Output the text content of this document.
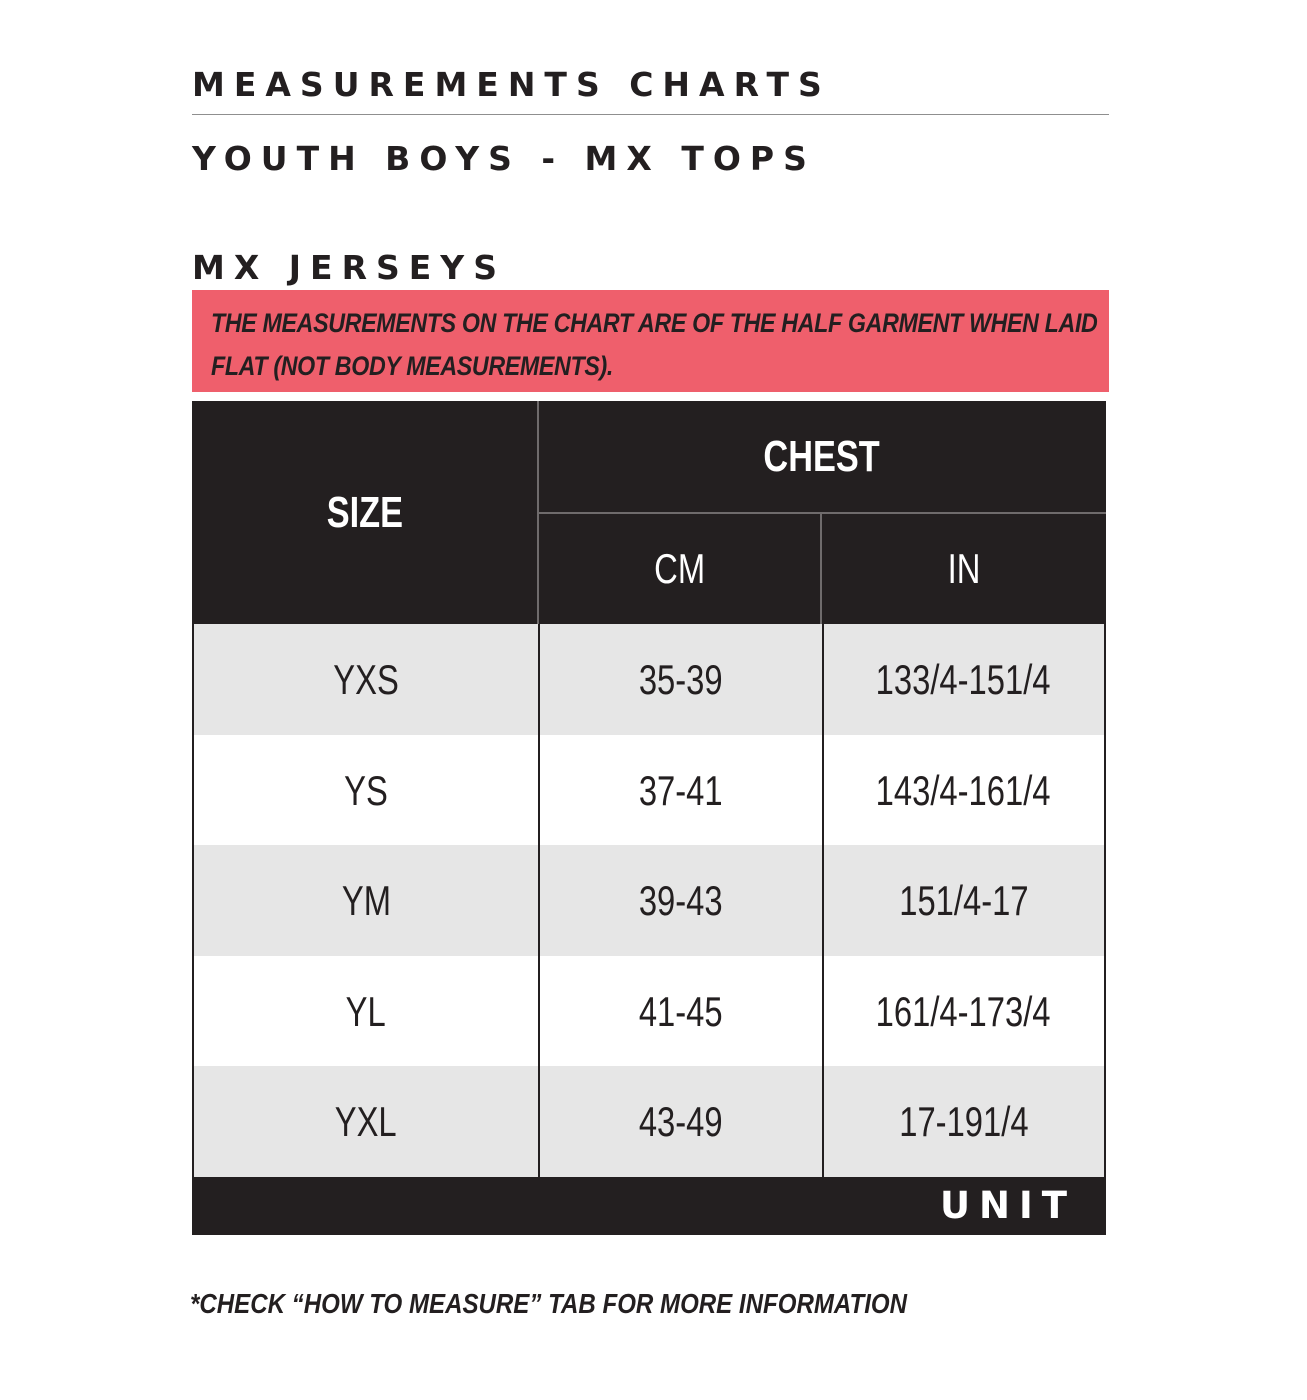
MEASUREMENTS CHARTS
YOUTH BOYS - MX TOPS
MX JERSEYS
THE MEASUREMENTS ON THE CHART ARE OF THE HALF GARMENT WHEN LAID FLAT (NOT BODY MEASUREMENTS).
SIZE
CHEST
CM	IN
YXS	35-39	133/4-151/4
YS	37-41	143/4-161/4
YM	39-43	151/4-17
YL	41-45	161/4-173/4
YXL	43-49	17-191/4
UNIT
*CHECK “HOW TO MEASURE” TAB FOR MORE INFORMATION
